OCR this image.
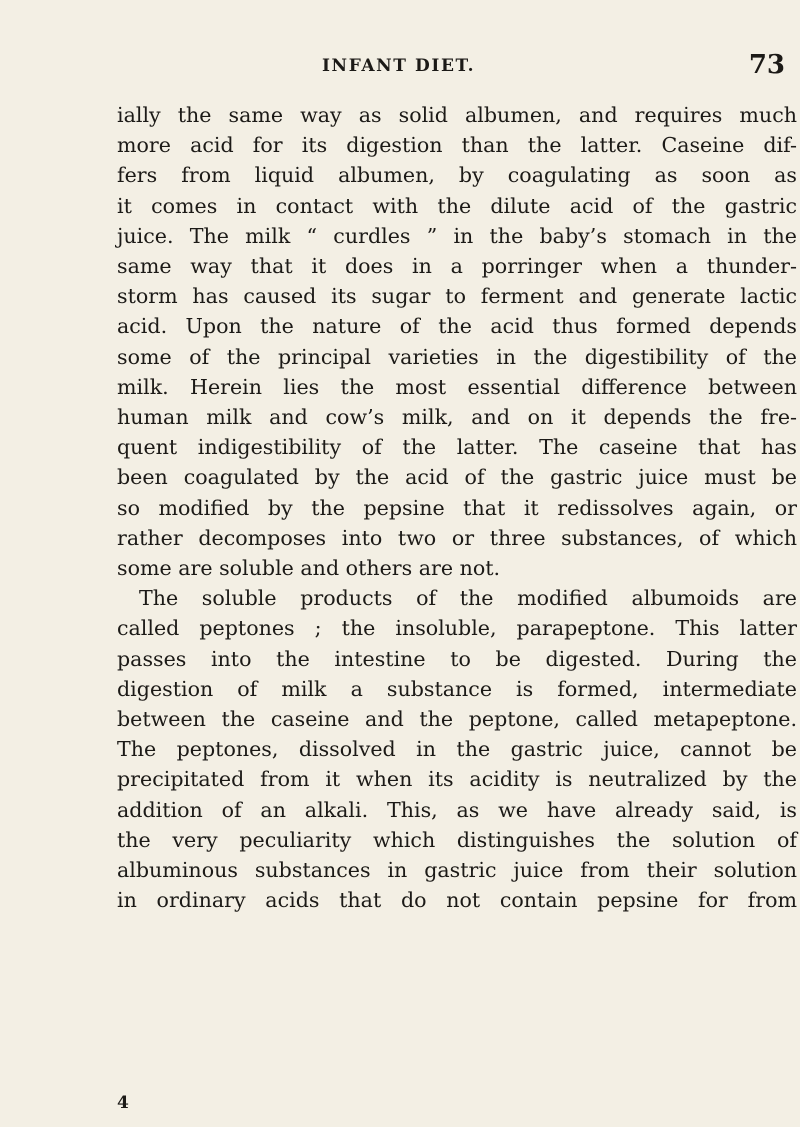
INFANT DIET.	73
ially the same way as solid albumen, and requires much
more acid for its digestion than the latter. Caseine dif-
fers from liquid albumen, by coagulating as soon as
it comes in contact with the dilute acid of the gastric
juice. The milk “ curdles ” in the baby’s stomach in the
same way that it does in a porringer when a thunder-
storm has caused its sugar to ferment and generate lactic
acid. Upon the nature of the acid thus formed depends
some of the principal varieties in the digestibility of the
milk. Herein lies the most essential difference between
human milk and cow’s milk, and on it depends the fre-
quent indigestibility of the latter. The caseine that has
been coagulated by the acid of the gastric juice must be
so modified by the pepsine that it redissolves again, or
rather decomposes into two or three substances, of which
some are soluble and others are not.
The soluble products of the modified albumoids are
called peptones ; the insoluble, parapeptone. This latter
passes into the intestine to be digested. During the
digestion of milk a substance is formed, intermediate
between the caseine and the peptone, called metapeptone.
The peptones, dissolved in the gastric juice, cannot be
precipitated from it when its acidity is neutralized by the
addition of an alkali. This, as we have already said, is
the very peculiarity which distinguishes the solution of
albuminous substances in gastric juice from their solution
in ordinary acids that do not contain pepsine for from
4
